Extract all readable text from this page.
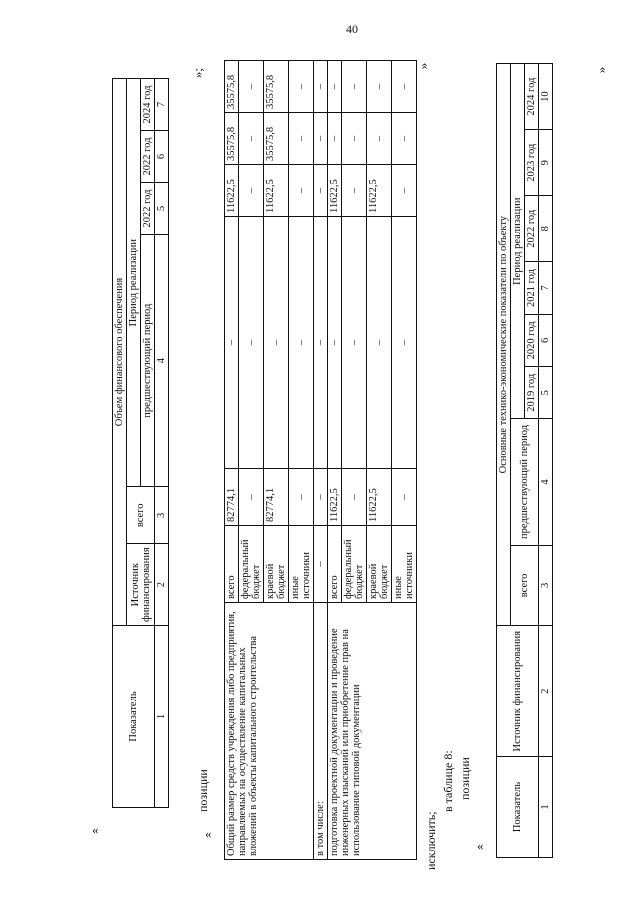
40
«
Показатель	Объем финансового обеспечения					
	Источник финансирования	всего	Период реализации			
			предшествующий период	2022 год	2022 год	2024 год
1	2	3	4	5	6	7
»;
позиции
« Общий размер средств учреждения либо предприятия, направляемых на осуществление капитальных вложений в объекты капитального строительства	всего	82774,1	–	11622,5	35575,8	35575,8
	федеральный бюджет	–	–	–	–	–
	краевой бюджет	82774,1	–	11622,5	35575,8	35575,8
	иные источники	–	–	–	–	–
в том числе:	–	–	–	–	–	–
подготовка проектной документации и проведение инженерных изысканий или приобретение прав на использование типовой документации	всего	11622,5	–	11622,5	–	–
	федеральный бюджет	–	–	–	–	–
	краевой бюджет	11622,5	–	11622,5	–	–
	иные источники	–	–	–	–	–
»
исключить;
в таблице 8: позиции
«
Показатель	Источник финансирования	Основные технико-экономические показатели по объекту							
		всего	предшествующий период	Период реализации					
				2019 год	2020 год	2021 год	2022 год	2023 год	2024 год
1	2	3	4	5	6	7	8	9	10
»
